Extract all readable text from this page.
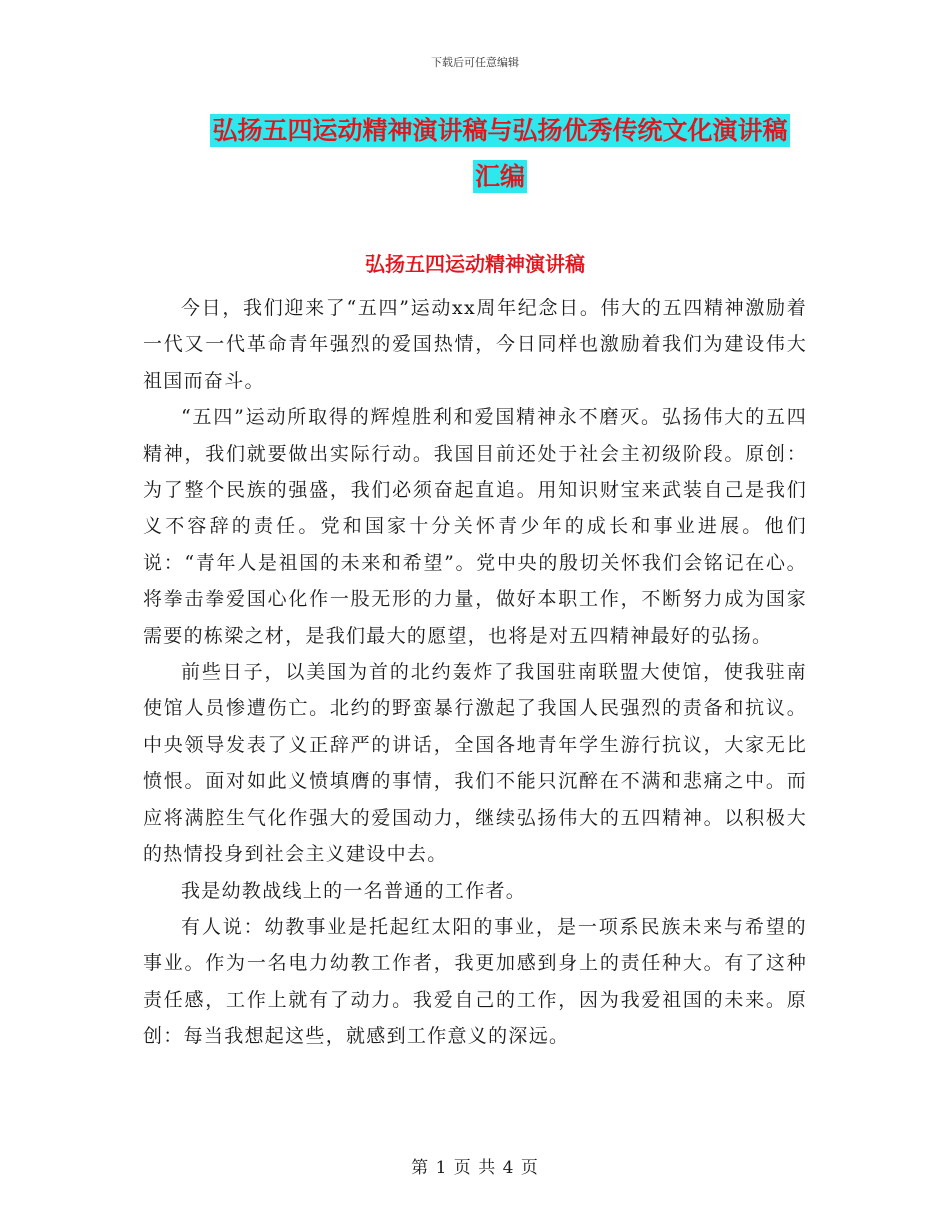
下载后可任意编辑
弘扬五四运动精神演讲稿与弘扬优秀传统文化演讲稿
汇编
弘扬五四运动精神演讲稿

今日，我们迎来了“五四”运动xx周年纪念日。伟大的五四精神激励着一代又一代革命青年强烈的爱国热情，今日同样也激励着我们为建设伟大祖国而奋斗。

“五四”运动所取得的辉煌胜利和爱国精神永不磨灭。弘扬伟大的五四精神，我们就要做出实际行动。我国目前还处于社会主初级阶段。原创：为了整个民族的强盛，我们必须奋起直追。用知识财宝来武装自己是我们义不容辞的责任。党和国家十分关怀青少年的成长和事业进展。他们说：“青年人是祖国的未来和希望”。党中央的殷切关怀我们会铭记在心。将拳击拳爱国心化作一股无形的力量，做好本职工作，不断努力成为国家需要的栋梁之材，是我们最大的愿望，也将是对五四精神最好的弘扬。

前些日子，以美国为首的北约轰炸了我国驻南联盟大使馆，使我驻南使馆人员惨遭伤亡。北约的野蛮暴行激起了我国人民强烈的责备和抗议。中央领导发表了义正辞严的讲话，全国各地青年学生游行抗议，大家无比愤恨。面对如此义愤填膺的事情，我们不能只沉醉在不满和悲痛之中。而应将满腔生气化作强大的爱国动力，继续弘扬伟大的五四精神。以积极大的热情投身到社会主义建设中去。

我是幼教战线上的一名普通的工作者。

有人说：幼教事业是托起红太阳的事业，是一项系民族未来与希望的事业。作为一名电力幼教工作者，我更加感到身上的责任种大。有了这种责任感，工作上就有了动力。我爱自己的工作，因为我爱祖国的未来。原创：每当我想起这些，就感到工作意义的深远。

第 1 页 共 4 页
